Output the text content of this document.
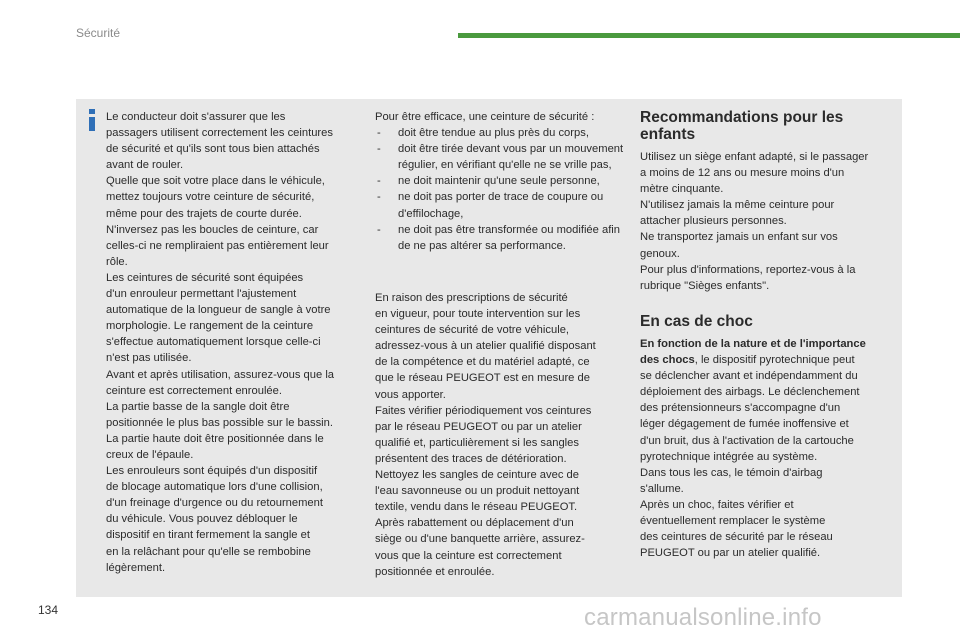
Sécurité

Le conducteur doit s'assurer que les

passagers utilisent correctement les ceintures

de sécurité et qu'ils sont tous bien attachés

avant de rouler.

Quelle que soit votre place dans le véhicule,

mettez toujours votre ceinture de sécurité,

même pour des trajets de courte durée.

N'inversez pas les boucles de ceinture, car

celles-ci ne rempliraient pas entièrement leur

rôle.

Les ceintures de sécurité sont équipées

d'un enrouleur permettant l'ajustement

automatique de la longueur de sangle à votre

morphologie. Le rangement de la ceinture

s'effectue automatiquement lorsque celle-ci

n'est pas utilisée.

Avant et après utilisation, assurez-vous que la

ceinture est correctement enroulée.

La partie basse de la sangle doit être

positionnée le plus bas possible sur le bassin.

La partie haute doit être positionnée dans le

creux de l'épaule.

Les enrouleurs sont équipés d'un dispositif

de blocage automatique lors d'une collision,

d'un freinage d'urgence ou du retournement

du véhicule. Vous pouvez débloquer le

dispositif en tirant fermement la sangle et

en la relâchant pour qu'elle se rembobine

légèrement.

Pour être efficace, une ceinture de sécurité :

- doit être tendue au plus près du corps,
- doit être tirée devant vous par un mouvement régulier, en vérifiant qu'elle ne se vrille pas,
- ne doit maintenir qu'une seule personne,
- ne doit pas porter de trace de coupure ou d'effilochage,
- ne doit pas être transformée ou modifiée afin de ne pas altérer sa performance.

En raison des prescriptions de sécurité

en vigueur, pour toute intervention sur les

ceintures de sécurité de votre véhicule,

adressez-vous à un atelier qualifié disposant

de la compétence et du matériel adapté, ce

que le réseau PEUGEOT est en mesure de

vous apporter.

Faites vérifier périodiquement vos ceintures

par le réseau PEUGEOT ou par un atelier

qualifié et, particulièrement si les sangles

présentent des traces de détérioration.

Nettoyez les sangles de ceinture avec de

l'eau savonneuse ou un produit nettoyant

textile, vendu dans le réseau PEUGEOT.

Après rabattement ou déplacement d'un

siège ou d'une banquette arrière, assurez-

vous que la ceinture est correctement

positionnée et enroulée.

Recommandations pour les
enfants

Utilisez un siège enfant adapté, si le passager

a moins de 12 ans ou mesure moins d'un

mètre cinquante.

N'utilisez jamais la même ceinture pour

attacher plusieurs personnes.

Ne transportez jamais un enfant sur vos

genoux.

Pour plus d'informations, reportez-vous à la

rubrique "Sièges enfants".

En cas de choc

En fonction de la nature et de l'importance

des chocs, le dispositif pyrotechnique peut

se déclencher avant et indépendamment du

déploiement des airbags. Le déclenchement

des prétensionneurs s'accompagne d'un

léger dégagement de fumée inoffensive et

d'un bruit, dus à l'activation de la cartouche

pyrotechnique intégrée au système.

Dans tous les cas, le témoin d'airbag

s'allume.

Après un choc, faites vérifier et

éventuellement remplacer le système

des ceintures de sécurité par le réseau

PEUGEOT ou par un atelier qualifié.

134	carmanualsonline.info
